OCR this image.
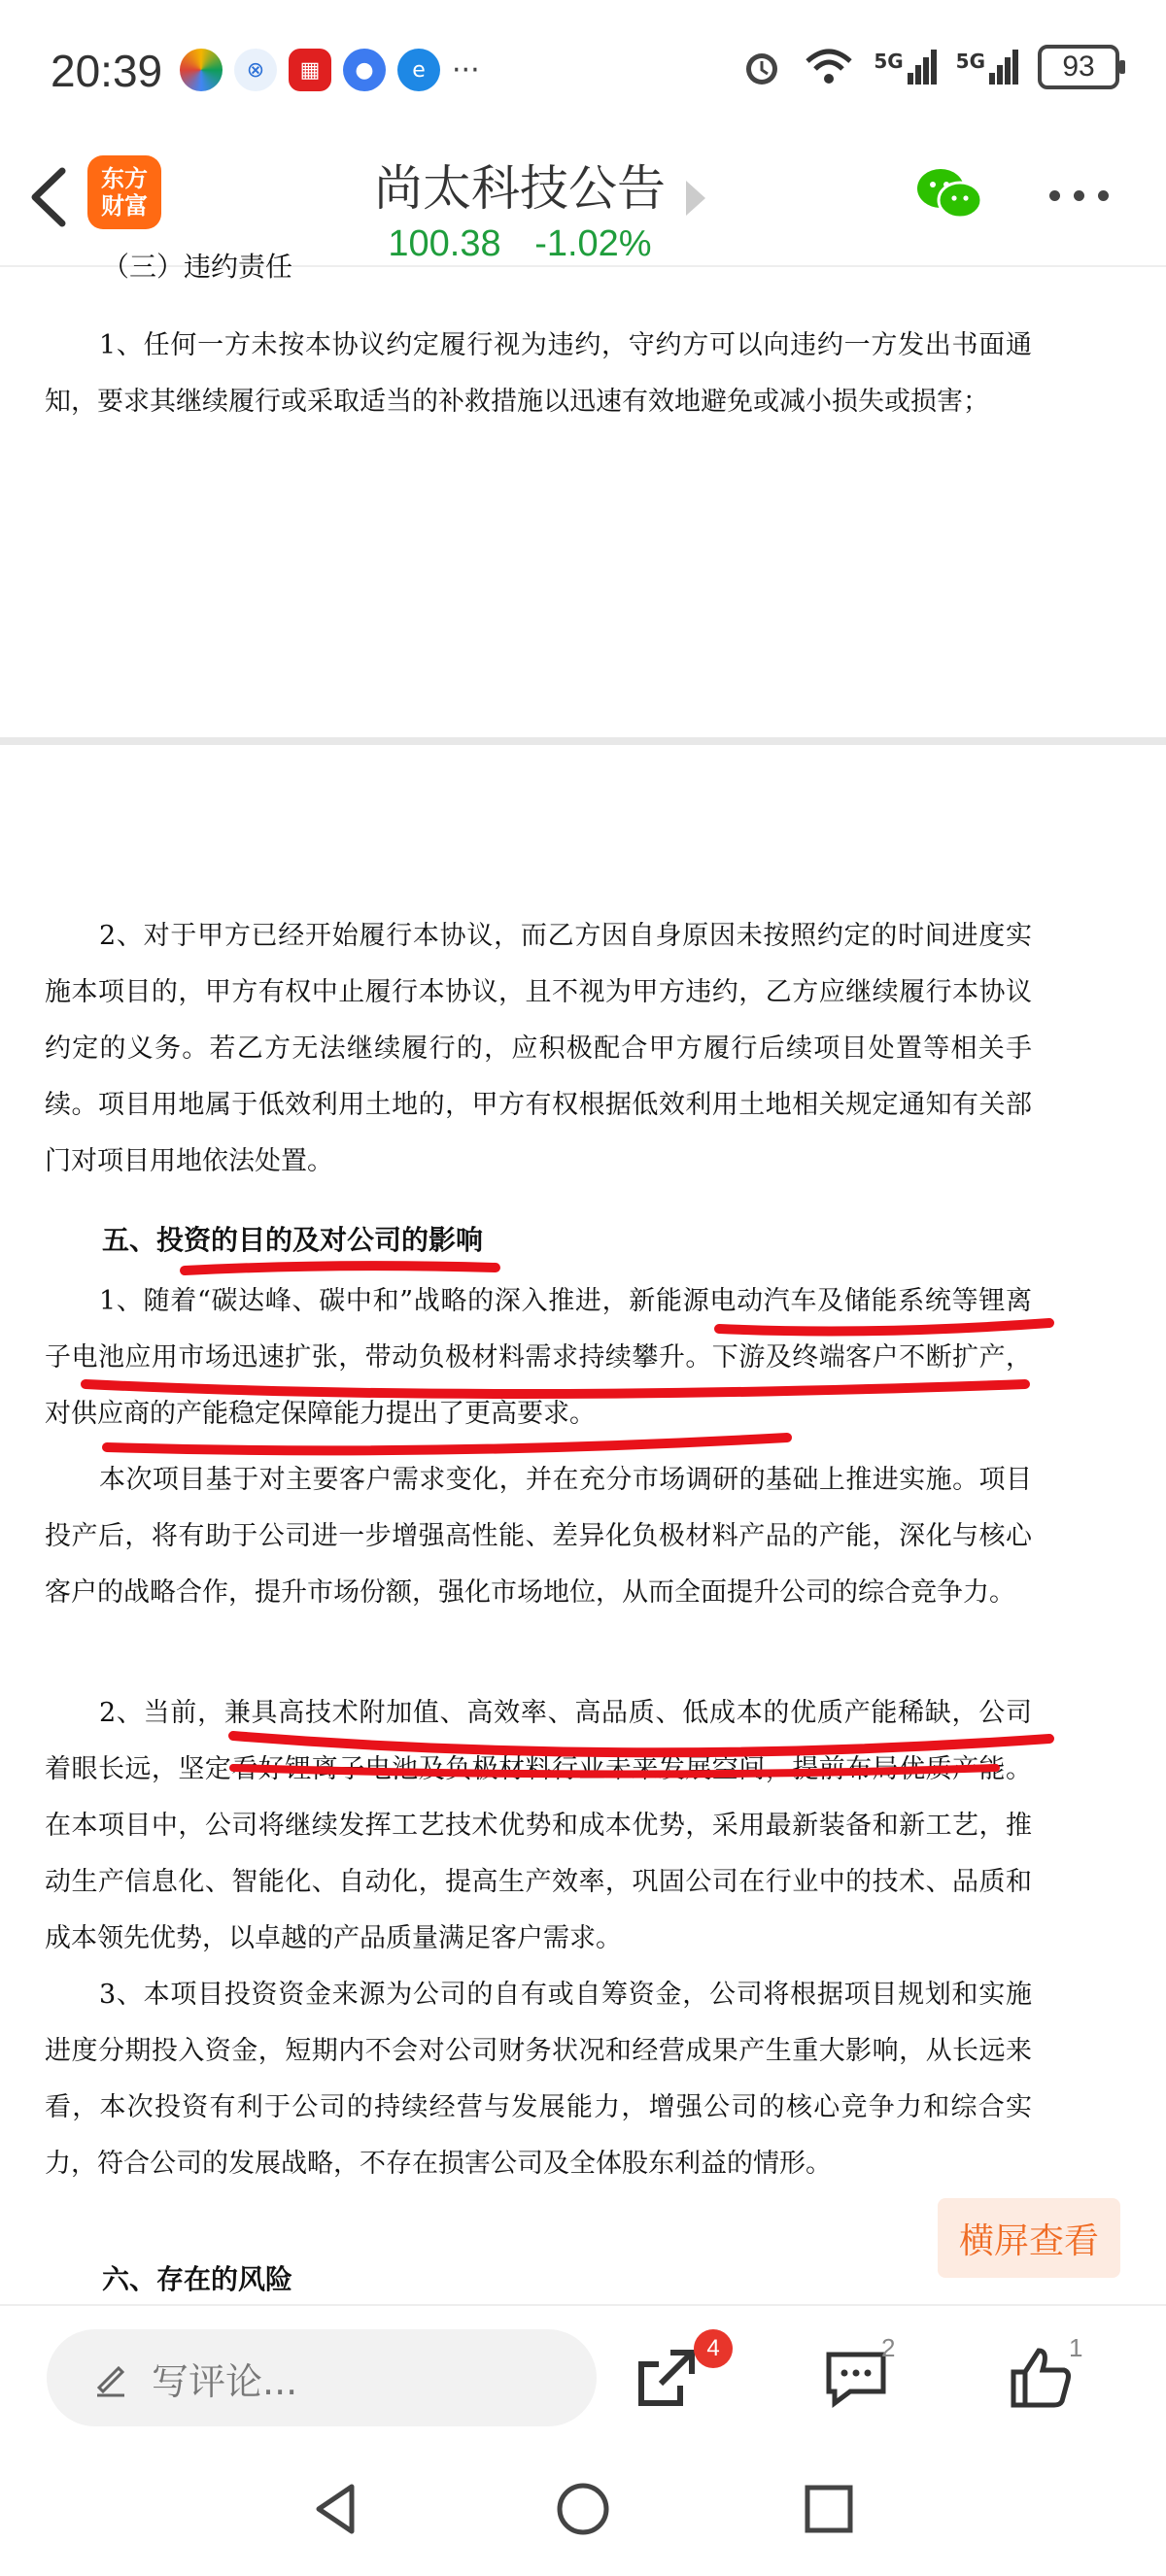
20:39	⊗	▦	●	e ···	5G	5G	93
东方
财富	尚太科技公告
100.38 -1.02%
（三）违约责任
1、任何一方未按本协议约定履行视为违约，守约方可以向违约一方发出书面通知，要求其继续履行或采取适当的补救措施以迅速有效地避免或减小损失或损害；
2、对于甲方已经开始履行本协议，而乙方因自身原因未按照约定的时间进度实施本项目的，甲方有权中止履行本协议，且不视为甲方违约，乙方应继续履行本协议约定的义务。若乙方无法继续履行的，应积极配合甲方履行后续项目处置等相关手续。项目用地属于低效利用土地的，甲方有权根据低效利用土地相关规定通知有关部门对项目用地依法处置。
五、投资的目的及对公司的影响
1、随着“碳达峰、碳中和”战略的深入推进，新能源电动汽车及储能系统等锂离子电池应用市场迅速扩张，带动负极材料需求持续攀升。下游及终端客户不断扩产，对供应商的产能稳定保障能力提出了更高要求。
本次项目基于对主要客户需求变化，并在充分市场调研的基础上推进实施。项目投产后，将有助于公司进一步增强高性能、差异化负极材料产品的产能，深化与核心客户的战略合作，提升市场份额，强化市场地位，从而全面提升公司的综合竞争力。
2、当前，兼具高技术附加值、高效率、高品质、低成本的优质产能稀缺，公司着眼长远，坚定看好锂离子电池及负极材料行业未来发展空间，提前布局优质产能。在本项目中，公司将继续发挥工艺技术优势和成本优势，采用最新装备和新工艺，推动生产信息化、智能化、自动化，提高生产效率，巩固公司在行业中的技术、品质和成本领先优势，以卓越的产品质量满足客户需求。
3、本项目投资资金来源为公司的自有或自筹资金，公司将根据项目规划和实施进度分期投入资金，短期内不会对公司财务状况和经营成果产生重大影响，从长远来看，本次投资有利于公司的持续经营与发展能力，增强公司的核心竞争力和综合实力，符合公司的发展战略，不存在损害公司及全体股东利益的情形。
六、存在的风险
横屏查看
写评论...
4	2	1
